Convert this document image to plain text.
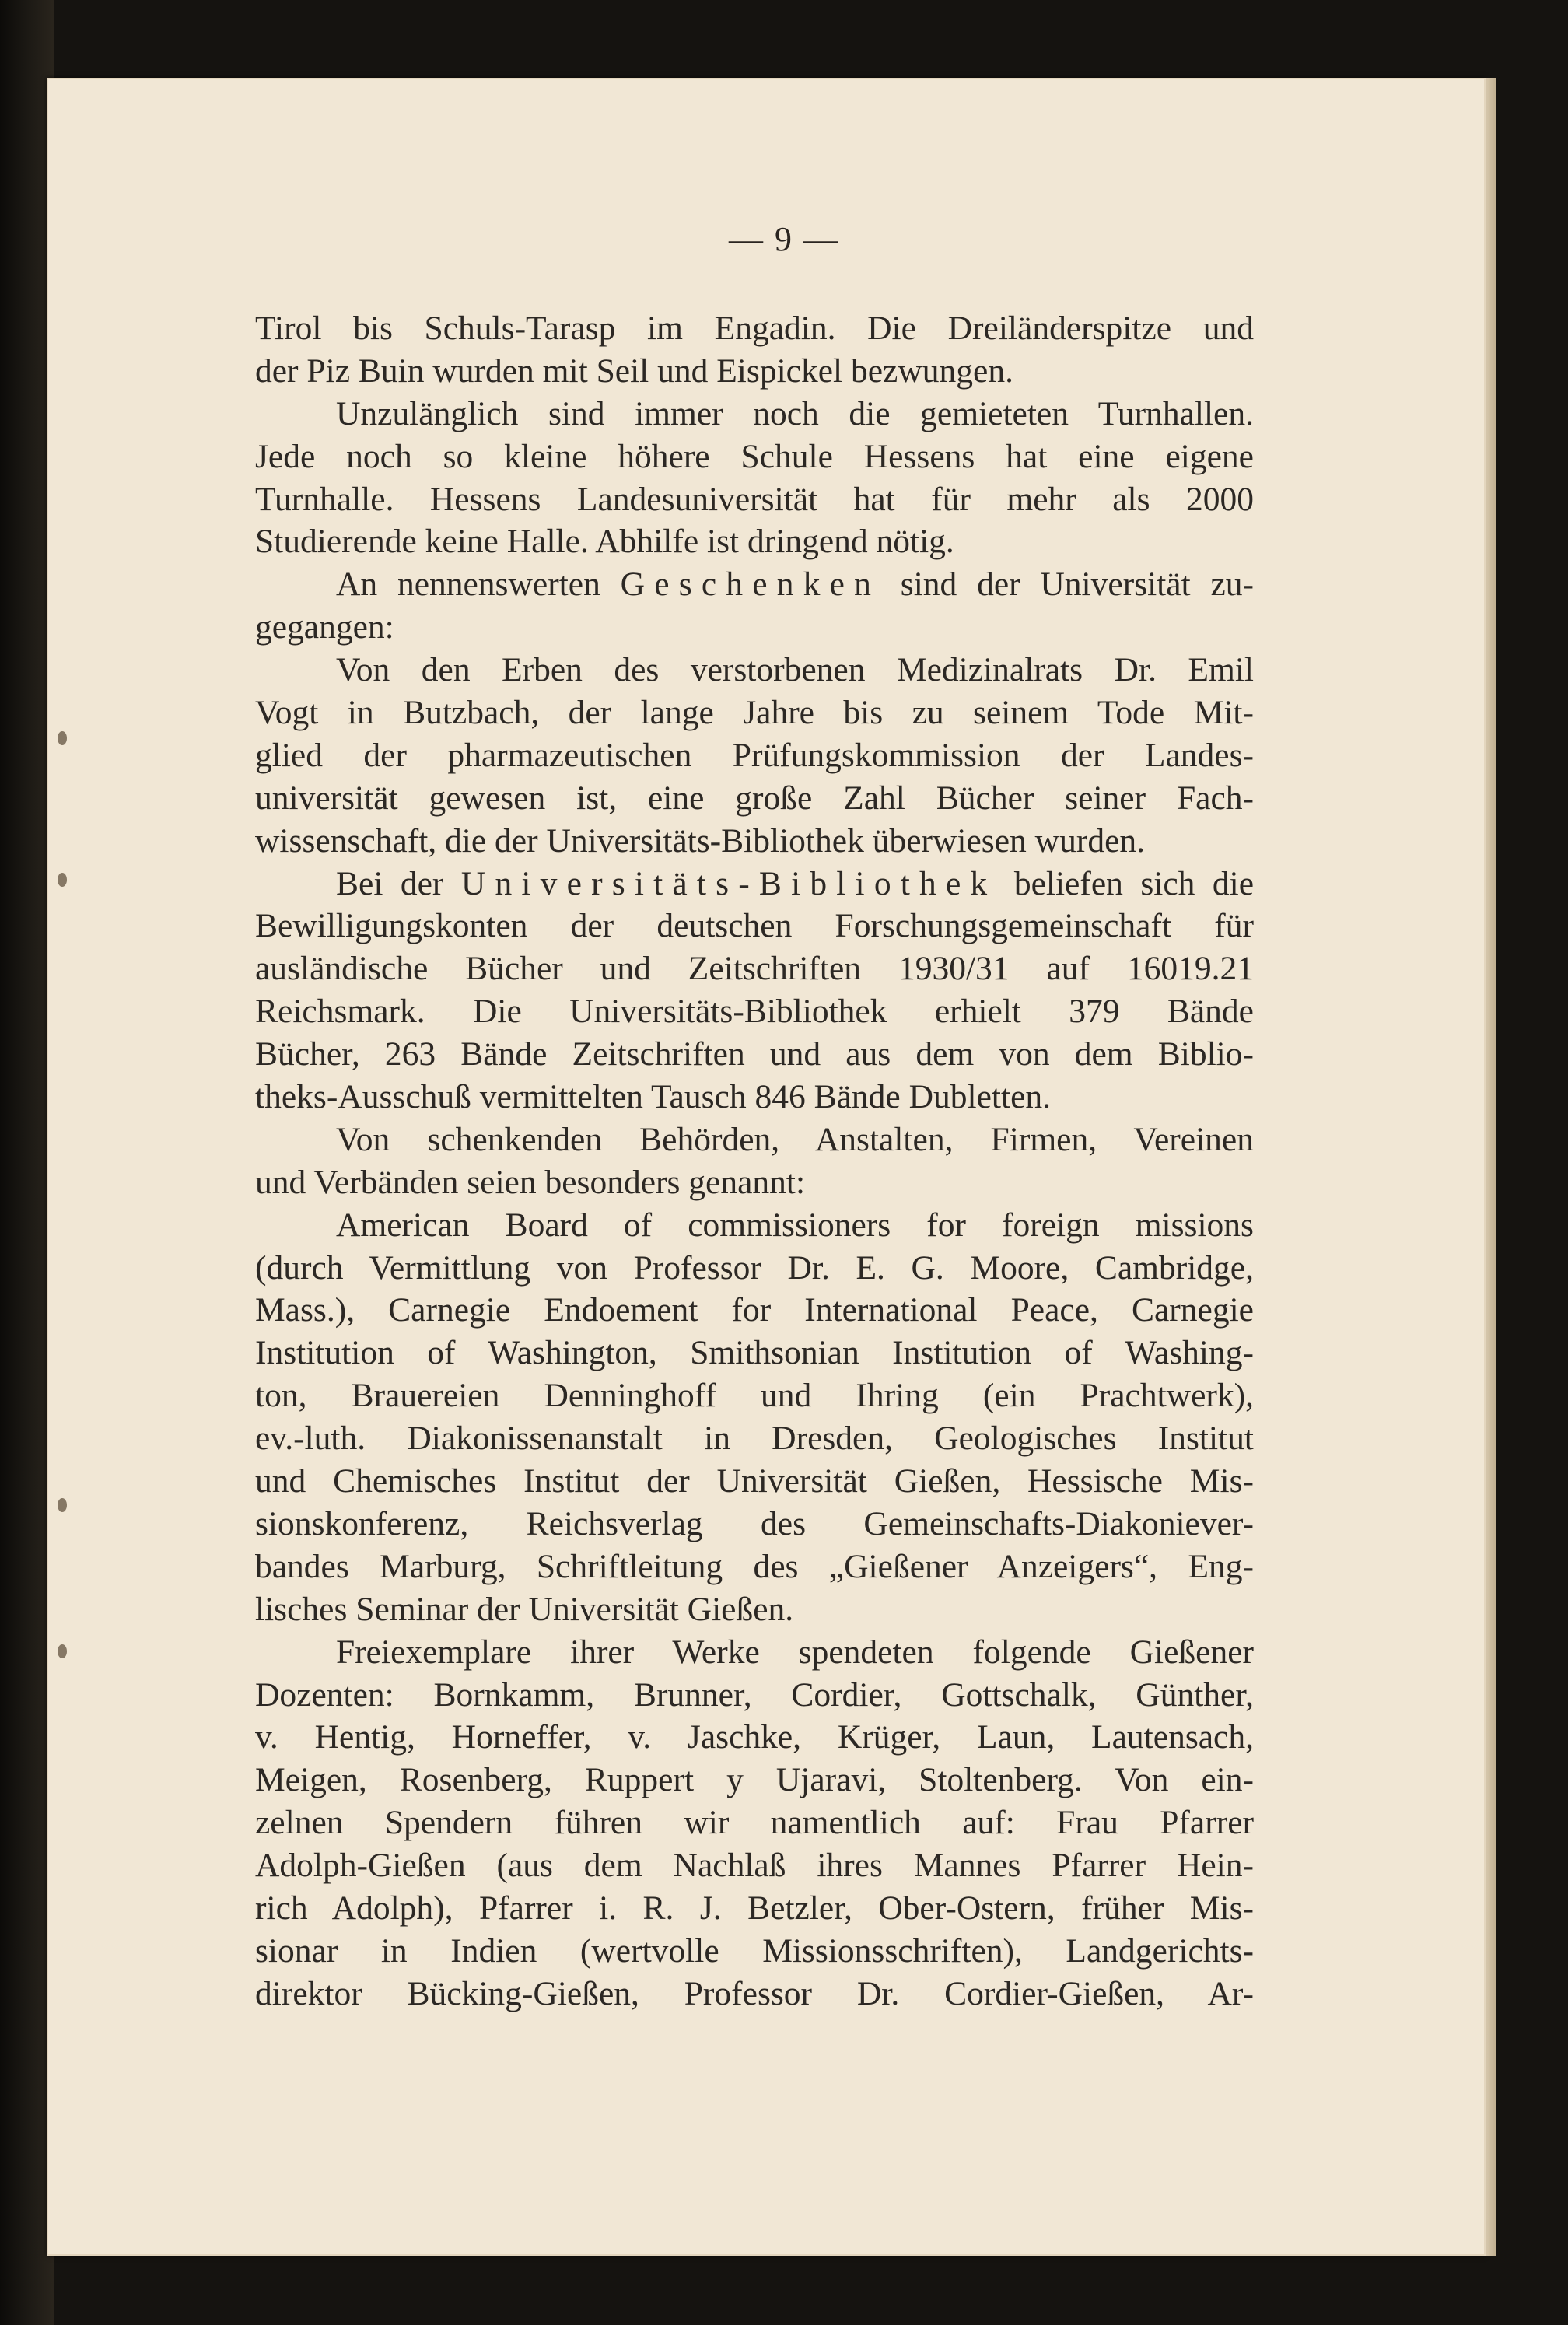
— 9 —
Tirol bis Schuls-Tarasp im Engadin. Die Dreiländerspitze und
der Piz Buin wurden mit Seil und Eispickel bezwungen.
Unzulänglich sind immer noch die gemieteten Turnhallen.
Jede noch so kleine höhere Schule Hessens hat eine eigene
Turnhalle. Hessens Landesuniversität hat für mehr als 2000
Studierende keine Halle. Abhilfe ist dringend nötig.
An nennenswerten Geschenken sind der Universität zu-
gegangen:
Von den Erben des verstorbenen Medizinalrats Dr. Emil
Vogt in Butzbach, der lange Jahre bis zu seinem Tode Mit-
glied der pharmazeutischen Prüfungskommission der Landes-
universität gewesen ist, eine große Zahl Bücher seiner Fach-
wissenschaft, die der Universitäts-Bibliothek überwiesen wurden.
Bei der Universitäts-Bibliothek beliefen sich die
Bewilligungskonten der deutschen Forschungsgemeinschaft für
ausländische Bücher und Zeitschriften 1930/31 auf 16019.21
Reichsmark. Die Universitäts-Bibliothek erhielt 379 Bände
Bücher, 263 Bände Zeitschriften und aus dem von dem Biblio-
theks-Ausschuß vermittelten Tausch 846 Bände Dubletten.
Von schenkenden Behörden, Anstalten, Firmen, Vereinen
und Verbänden seien besonders genannt:
American Board of commissioners for foreign missions
(durch Vermittlung von Professor Dr. E. G. Moore, Cambridge,
Mass.), Carnegie Endoement for International Peace, Carnegie
Institution of Washington, Smithsonian Institution of Washing-
ton, Brauereien Denninghoff und Ihring (ein Prachtwerk),
ev.-luth. Diakonissenanstalt in Dresden, Geologisches Institut
und Chemisches Institut der Universität Gießen, Hessische Mis-
sionskonferenz, Reichsverlag des Gemeinschafts-Diakoniever-
bandes Marburg, Schriftleitung des „Gießener Anzeigers“, Eng-
lisches Seminar der Universität Gießen.
Freiexemplare ihrer Werke spendeten folgende Gießener
Dozenten: Bornkamm, Brunner, Cordier, Gottschalk, Günther,
v. Hentig, Horneffer, v. Jaschke, Krüger, Laun, Lautensach,
Meigen, Rosenberg, Ruppert y Ujaravi, Stoltenberg. Von ein-
zelnen Spendern führen wir namentlich auf: Frau Pfarrer
Adolph-Gießen (aus dem Nachlaß ihres Mannes Pfarrer Hein-
rich Adolph), Pfarrer i. R. J. Betzler, Ober-Ostern, früher Mis-
sionar in Indien (wertvolle Missionsschriften), Landgerichts-
direktor Bücking-Gießen, Professor Dr. Cordier-Gießen, Ar-
